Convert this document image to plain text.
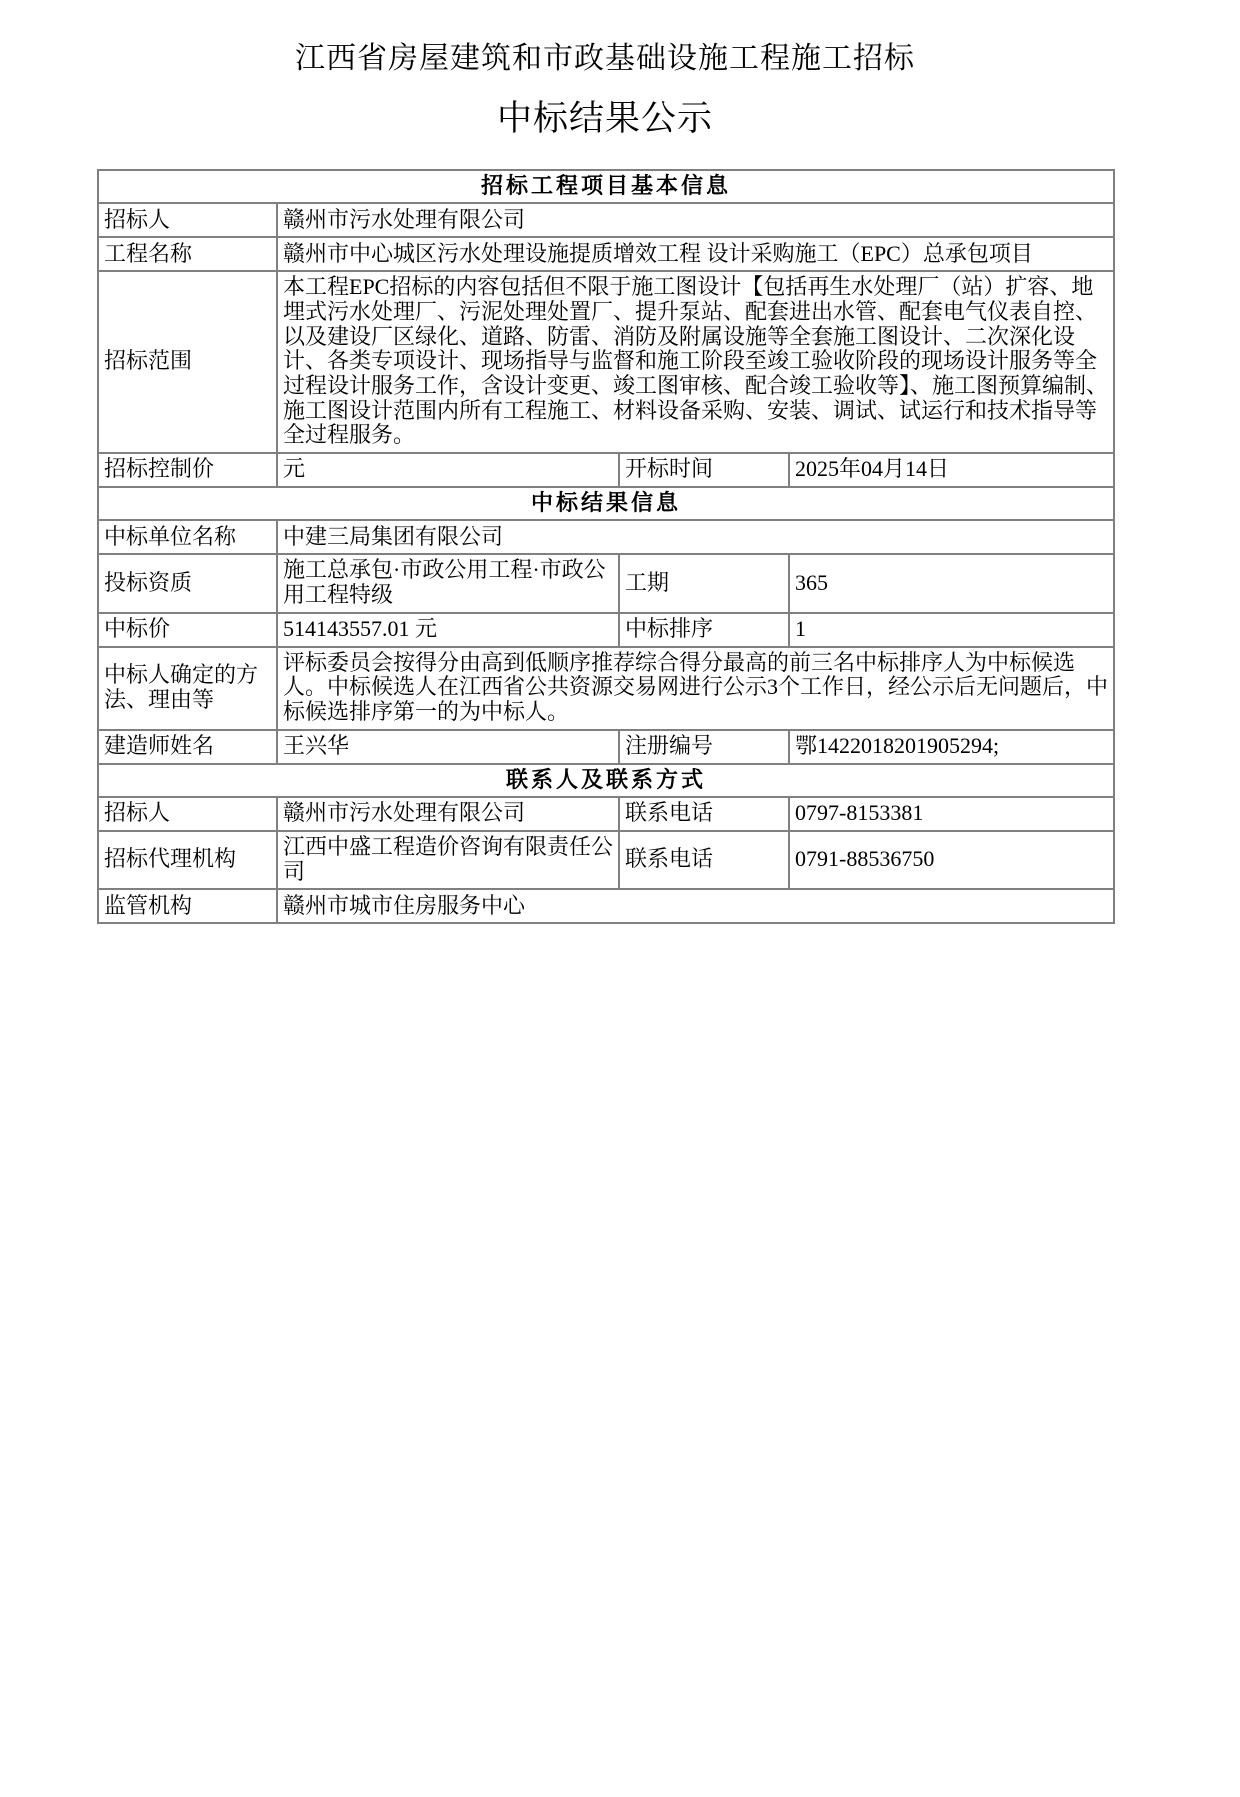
江西省房屋建筑和市政基础设施工程施工招标
中标结果公示
招标工程项目基本信息			
招标人	赣州市污水处理有限公司		
工程名称	赣州市中心城区污水处理设施提质增效工程 设计采购施工（EPC）总承包项目		
招标范围	本工程EPC招标的内容包括但不限于施工图设计【包括再生水处理厂（站）扩容、地埋式污水处理厂、污泥处理处置厂、提升泵站、配套进出水管、配套电气仪表自控、以及建设厂区绿化、道路、防雷、消防及附属设施等全套施工图设计、二次深化设计、各类专项设计、现场指导与监督和施工阶段至竣工验收阶段的现场设计服务等全过程设计服务工作，含设计变更、竣工图审核、配合竣工验收等】、施工图预算编制、施工图设计范围内所有工程施工、材料设备采购、安装、调试、试运行和技术指导等全过程服务。		
招标控制价	元	开标时间	2025年04月14日
中标结果信息			
中标单位名称	中建三局集团有限公司		
投标资质	施工总承包·市政公用工程·市政公用工程特级	工期	365
中标价	514143557.01 元	中标排序	1
中标人确定的方法、理由等	评标委员会按得分由高到低顺序推荐综合得分最高的前三名中标排序人为中标候选人。中标候选人在江西省公共资源交易网进行公示3个工作日，经公示后无问题后，中标候选排序第一的为中标人。		
建造师姓名	王兴华	注册编号	鄂1422018201905294;
联系人及联系方式			
招标人	赣州市污水处理有限公司	联系电话	0797-8153381
招标代理机构	江西中盛工程造价咨询有限责任公司	联系电话	0791-88536750
监管机构	赣州市城市住房服务中心		
